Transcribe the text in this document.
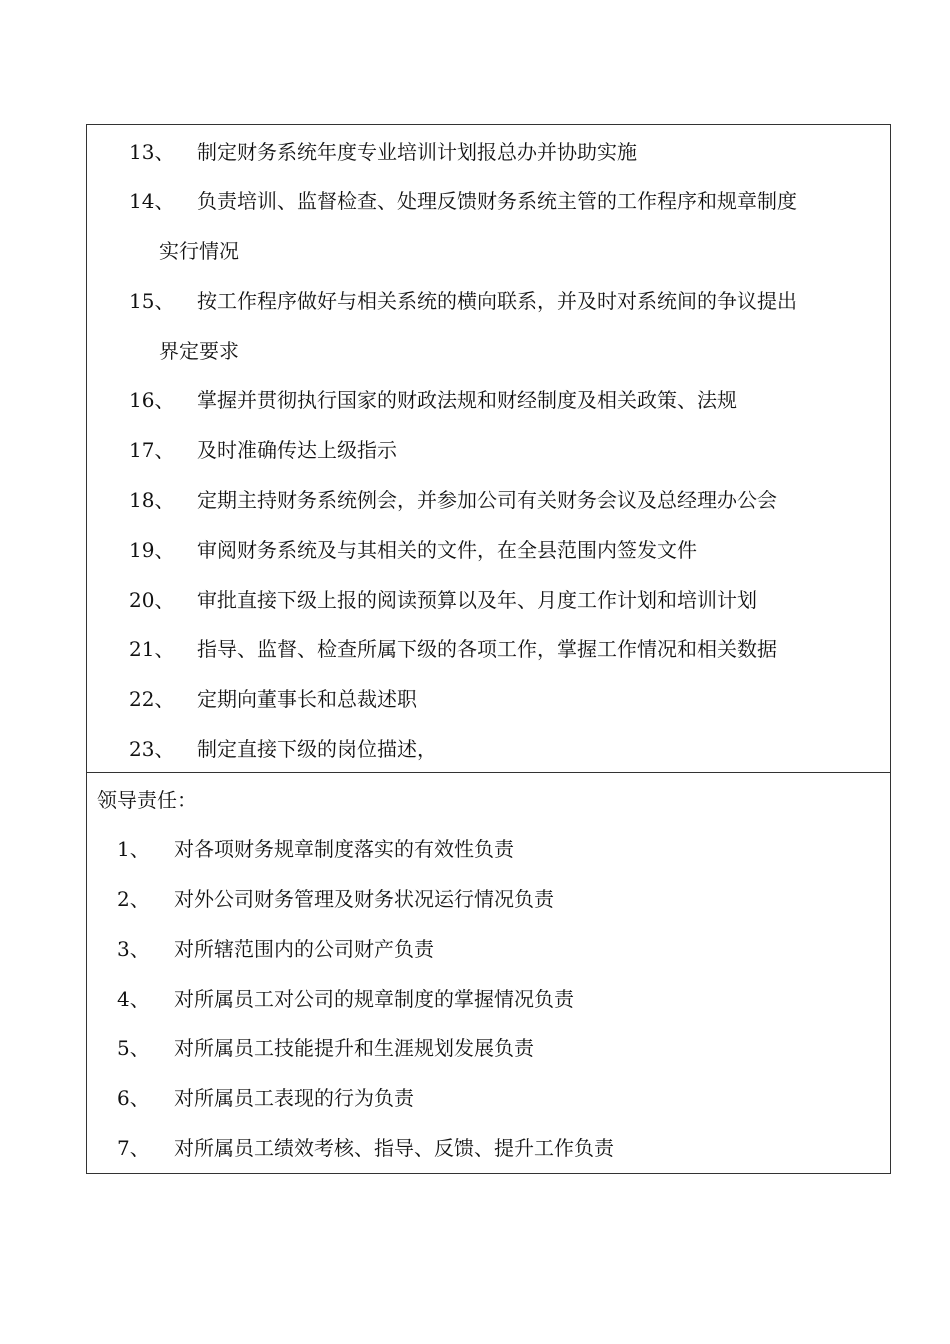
13、 制定财务系统年度专业培训计划报总办并协助实施
14、 负责培训、监督检查、处理反馈财务系统主管的工作程序和规章制度
实行情况
15、 按工作程序做好与相关系统的横向联系，并及时对系统间的争议提出
界定要求
16、 掌握并贯彻执行国家的财政法规和财经制度及相关政策、法规
17、 及时准确传达上级指示
18、 定期主持财务系统例会，并参加公司有关财务会议及总经理办公会
19、 审阅财务系统及与其相关的文件，在全县范围内签发文件
20、 审批直接下级上报的阅读预算以及年、月度工作计划和培训计划
21、 指导、监督、检查所属下级的各项工作，掌握工作情况和相关数据
22、 定期向董事长和总裁述职
23、 制定直接下级的岗位描述，
领导责任：
1、 对各项财务规章制度落实的有效性负责
2、 对外公司财务管理及财务状况运行情况负责
3、 对所辖范围内的公司财产负责
4、 对所属员工对公司的规章制度的掌握情况负责
5、 对所属员工技能提升和生涯规划发展负责
6、 对所属员工表现的行为负责
7、 对所属员工绩效考核、指导、反馈、提升工作负责
